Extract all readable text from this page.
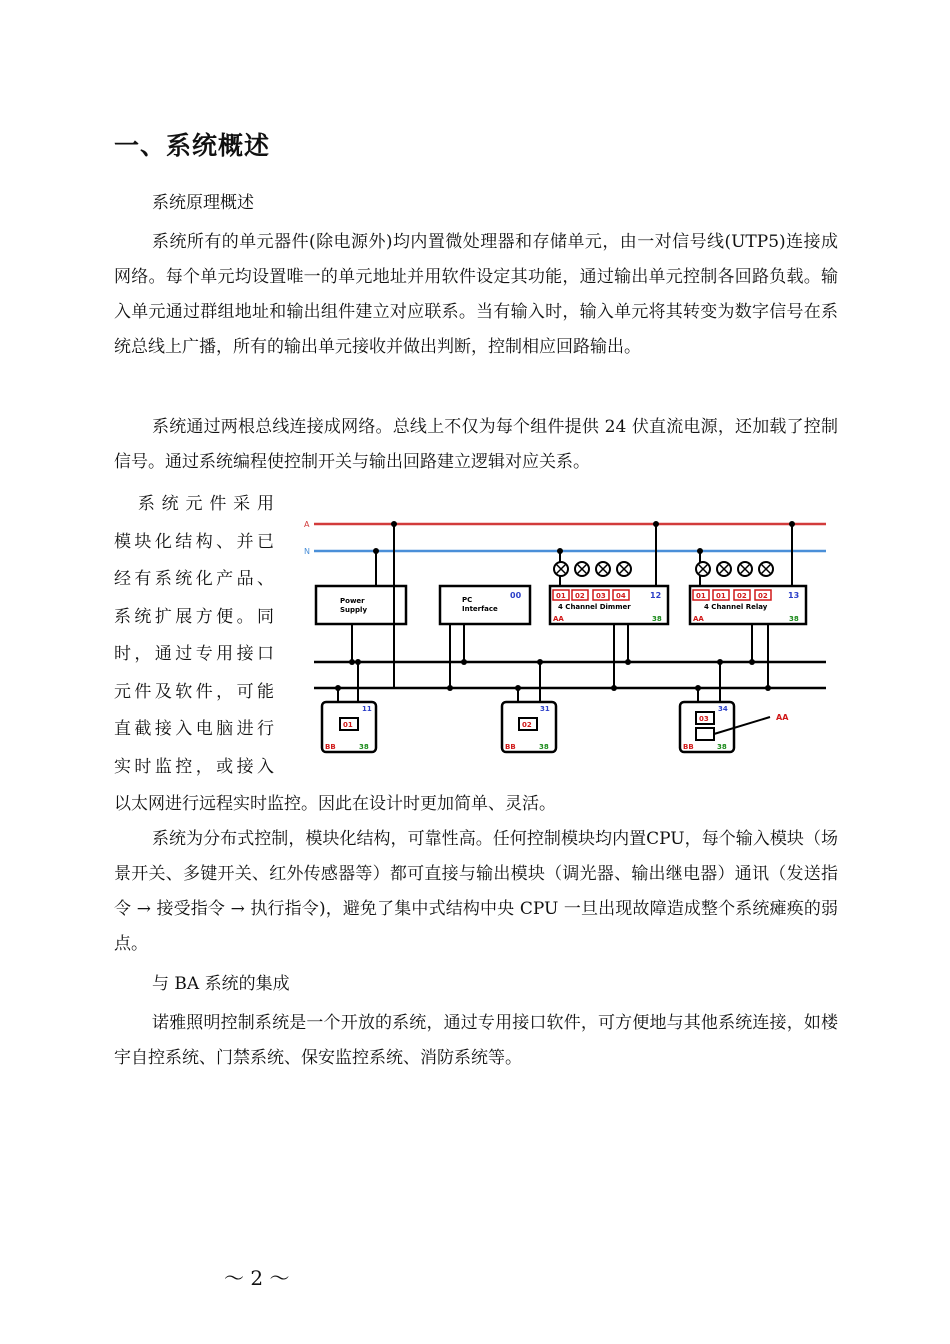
一、系统概述
系统原理概述

系统所有的单元器件(除电源外)均内置微处理器和存储单元，由一对信号线(UTP5)连接成网络。每个单元均设置唯一的单元地址并用软件设定其功能，通过输出单元控制各回路负载。输入单元通过群组地址和输出组件建立对应联系。当有输入时，输入单元将其转变为数字信号在系统总线上广播，所有的输出单元接收并做出判断，控制相应回路输出。

系统通过两根总线连接成网络。总线上不仅为每个组件提供 24 伏直流电源，还加载了控制信号。通过系统编程使控制开关与输出回路建立逻辑对应关系。

　系统元件采用
模块化结构、并已
经有系统化产品、
系统扩展方便。同
时，通过专用接口
元件及软件，可能
直截接入电脑进行
实时监控，或接入
以太网进行远程实时监控。因此在设计时更加简单、灵活。

系统为分布式控制，模块化结构，可靠性高。任何控制模块均内置CPU，每个输入模块（场景开关、多键开关、红外传感器等）都可直接与输出模块（调光器、输出继电器）通讯（发送指令 → 接受指令 → 执行指令)，避免了集中式结构中央 CPU 一旦出现故障造成整个系统瘫痪的弱点。

与 BA 系统的集成

诺雅照明控制系统是一个开放的系统，通过专用接口软件，可方便地与其他系统连接，如楼宇自控系统、门禁系统、保安监控系统、消防系统等。

A
N
Power
Supply
PC
Interface
00	01 02 03 04	12
4 Channel Dimmer
AA	38
01 01 02 02	13
4 Channel Relay
AA	38
11
01
BB	38
31
02
BB	38
34
03	AA
BB	38
～ 2 ～
